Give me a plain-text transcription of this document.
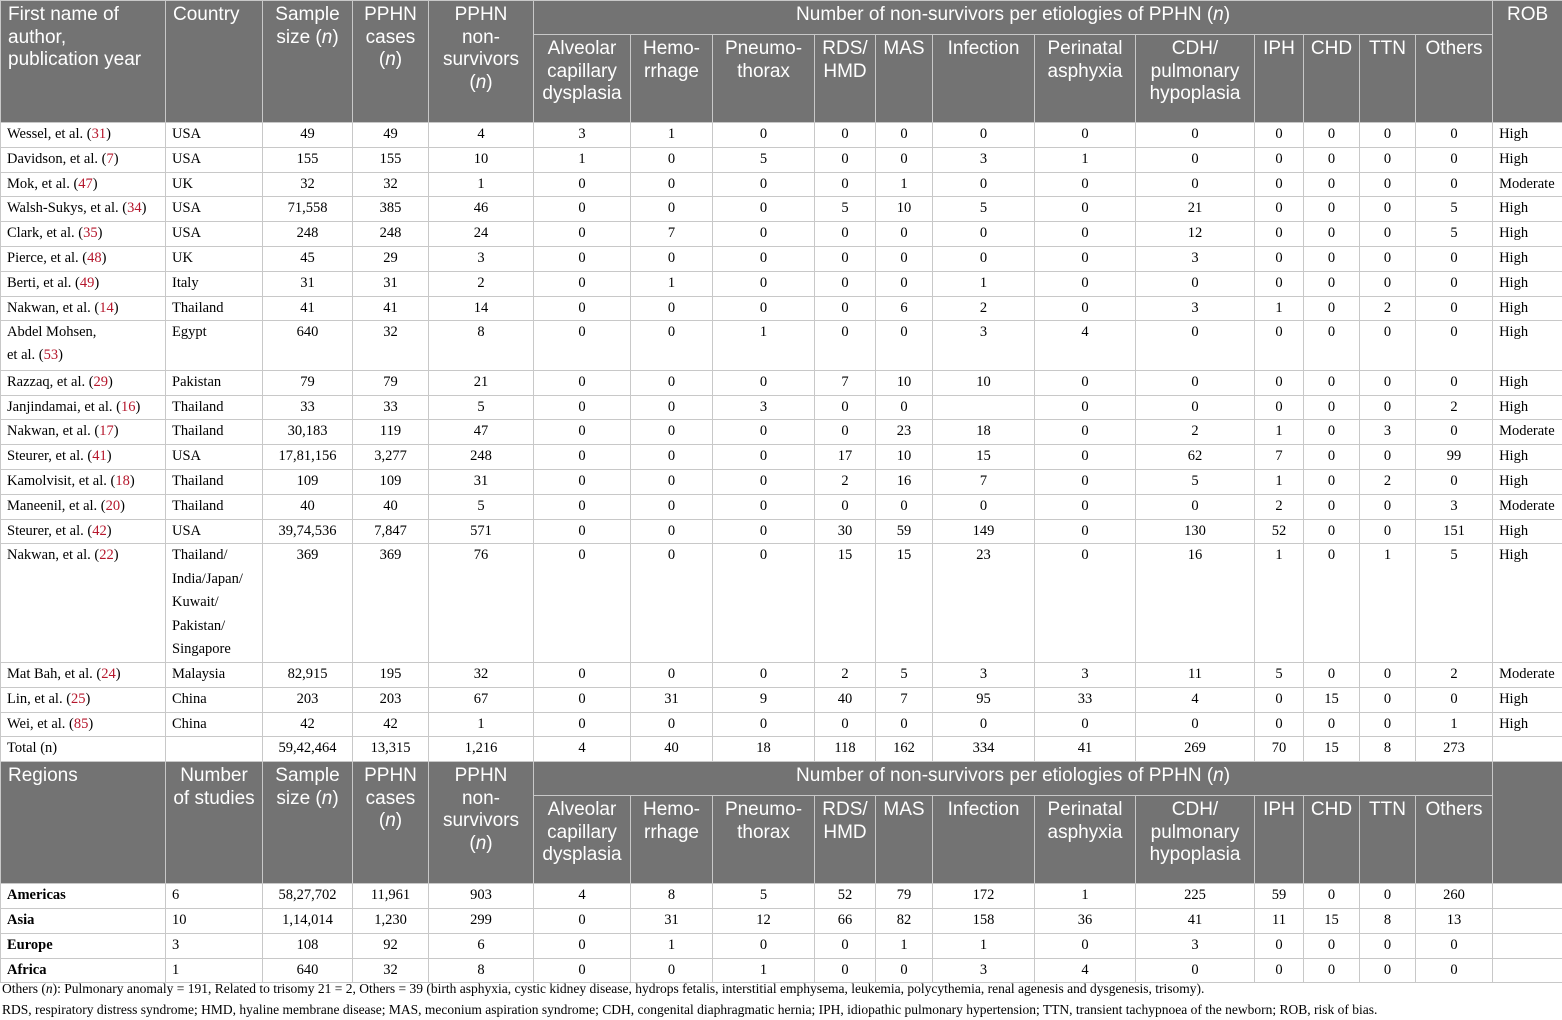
First name of author, publication year	Country	Sample size (n)	PPHN cases (n)	PPHN non-survivors (n)	Number of non-survivors per etiologies of PPHN (n)												ROB
					Alveolar capillary dysplasia	Hemo-rrhage	Pneumo-thorax	RDS/ HMD	MAS	Infection	Perinatal asphyxia	CDH/ pulmonary hypoplasia	IPH	CHD	TTN	Others	
Wessel, et al. (31)	USA	49	49	4	3	1	0	0	0	0	0	0	0	0	0	0	High
Davidson, et al. (7)	USA	155	155	10	1	0	5	0	0	3	1	0	0	0	0	0	High
Mok, et al. (47)	UK	32	32	1	0	0	0	0	1	0	0	0	0	0	0	0	Moderate
Walsh-Sukys, et al. (34)	USA	71,558	385	46	0	0	0	5	10	5	0	21	0	0	0	5	High
Clark, et al. (35)	USA	248	248	24	0	7	0	0	0	0	0	12	0	0	0	5	High
Pierce, et al. (48)	UK	45	29	3	0	0	0	0	0	0	0	3	0	0	0	0	High
Berti, et al. (49)	Italy	31	31	2	0	1	0	0	0	1	0	0	0	0	0	0	High
Nakwan, et al. (14)	Thailand	41	41	14	0	0	0	0	6	2	0	3	1	0	2	0	High
Abdel Mohsen,
et al. (53)	Egypt	640	32	8	0	0	1	0	0	3	4	0	0	0	0	0	High
Razzaq, et al. (29)	Pakistan	79	79	21	0	0	0	7	10	10	0	0	0	0	0	0	High
Janjindamai, et al. (16)	Thailand	33	33	5	0	0	3	0	0		0	0	0	0	0	2	High
Nakwan, et al. (17)	Thailand	30,183	119	47	0	0	0	0	23	18	0	2	1	0	3	0	Moderate
Steurer, et al. (41)	USA	17,81,156	3,277	248	0	0	0	17	10	15	0	62	7	0	0	99	High
Kamolvisit, et al. (18)	Thailand	109	109	31	0	0	0	2	16	7	0	5	1	0	2	0	High
Maneenil, et al. (20)	Thailand	40	40	5	0	0	0	0	0	0	0	0	2	0	0	3	Moderate
Steurer, et al. (42)	USA	39,74,536	7,847	571	0	0	0	30	59	149	0	130	52	0	0	151	High
Nakwan, et al. (22)	Thailand/ India/Japan/ Kuwait/ Pakistan/ Singapore	369	369	76	0	0	0	15	15	23	0	16	1	0	1	5	High
Mat Bah, et al. (24)	Malaysia	82,915	195	32	0	0	0	2	5	3	3	11	5	0	0	2	Moderate
Lin, et al. (25)	China	203	203	67	0	31	9	40	7	95	33	4	0	15	0	0	High
Wei, et al. (85)	China	42	42	1	0	0	0	0	0	0	0	0	0	0	0	1	High
Total (n)		59,42,464	13,315	1,216	4	40	18	118	162	334	41	269	70	15	8	273	
Regions	Number of studies	Sample size (n)	PPHN cases (n)	PPHN non-survivors (n)	Number of non-survivors per etiologies of PPHN (n)												
					Alveolar capillary dysplasia	Hemo-rrhage	Pneumo-thorax	RDS/ HMD	MAS	Infection	Perinatal asphyxia	CDH/ pulmonary hypoplasia	IPH	CHD	TTN	Others	
Americas	6	58,27,702	11,961	903	4	8	5	52	79	172	1	225	59	0	0	260	
Asia	10	1,14,014	1,230	299	0	31	12	66	82	158	36	41	11	15	8	13	
Europe	3	108	92	6	0	1	0	0	1	1	0	3	0	0	0	0	
Africa	1	640	32	8	0	0	1	0	0	3	4	0	0	0	0	0	
Others (n): Pulmonary anomaly = 191, Related to trisomy 21 = 2, Others = 39 (birth asphyxia, cystic kidney disease, hydrops fetalis, interstitial emphysema, leukemia, polycythemia, renal agenesis and dysgenesis, trisomy).
RDS, respiratory distress syndrome; HMD, hyaline membrane disease; MAS, meconium aspiration syndrome; CDH, congenital diaphragmatic hernia; IPH, idiopathic pulmonary hypertension; TTN, transient tachypnoea of the newborn; ROB, risk of bias.
